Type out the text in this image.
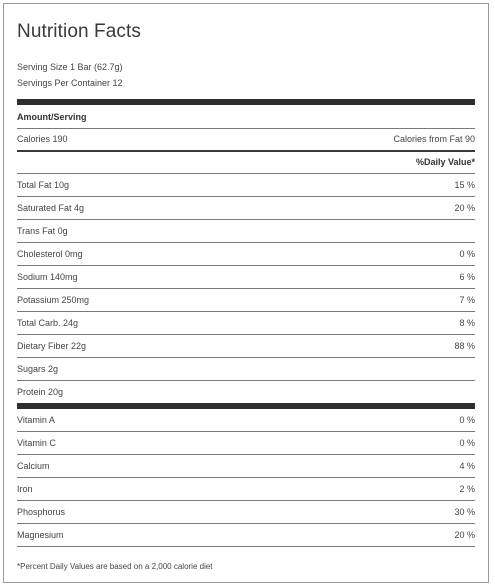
Nutrition Facts
Serving Size 1 Bar (62.7g)
Servings Per Container 12
Amount/Serving
Calories 190	Calories from Fat 90
%Daily Value*
Total Fat 10g	15 %
Saturated Fat 4g	20 %
Trans Fat 0g
Cholesterol 0mg	0 %
Sodium 140mg	6 %
Potassium 250mg	7 %
Total Carb. 24g	8 %
Dietary Fiber 22g	88 %
Sugars 2g
Protein 20g
Vitamin A	0 %
Vitamin C	0 %
Calcium	4 %
Iron	2 %
Phosphorus	30 %
Magnesium	20 %
*Percent Daily Values are based on a 2,000 calorie diet
